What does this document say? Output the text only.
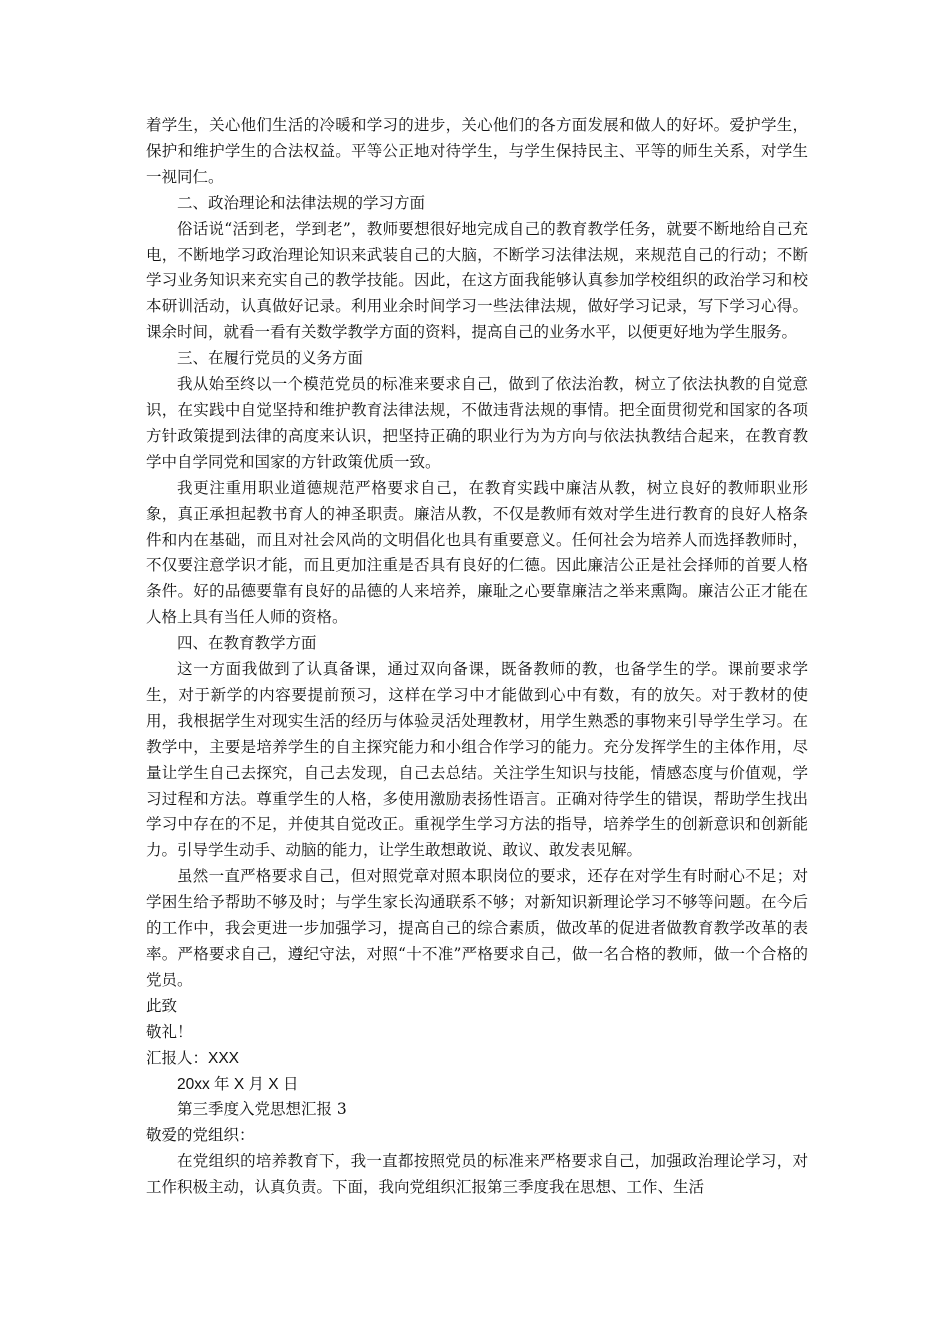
着学生，关心他们生活的冷暖和学习的进步，关心他们的各方面发展和做人的好坏。爱护学生，保护和维护学生的合法权益。平等公正地对待学生，与学生保持民主、平等的师生关系，对学生一视同仁。

二、政治理论和法律法规的学习方面

俗话说“活到老，学到老”，教师要想很好地完成自己的教育教学任务，就要不断地给自己充电，不断地学习政治理论知识来武装自己的大脑，不断学习法律法规，来规范自己的行动；不断学习业务知识来充实自己的教学技能。因此，在这方面我能够认真参加学校组织的政治学习和校本研训活动，认真做好记录。利用业余时间学习一些法律法规，做好学习记录，写下学习心得。课余时间，就看一看有关数学教学方面的资料，提高自己的业务水平，以便更好地为学生服务。

三、在履行党员的义务方面

我从始至终以一个模范党员的标准来要求自己，做到了依法治教，树立了依法执教的自觉意识，在实践中自觉坚持和维护教育法律法规，不做违背法规的事情。把全面贯彻党和国家的各项方针政策提到法律的高度来认识，把坚持正确的职业行为为方向与依法执教结合起来，在教育教学中自学同党和国家的方针政策优质一致。

我更注重用职业道德规范严格要求自己，在教育实践中廉洁从教，树立良好的教师职业形象，真正承担起教书育人的神圣职责。廉洁从教，不仅是教师有效对学生进行教育的良好人格条件和内在基础，而且对社会风尚的文明倡化也具有重要意义。任何社会为培养人而选择教师时，不仅要注意学识才能，而且更加注重是否具有良好的仁德。因此廉洁公正是社会择师的首要人格条件。好的品德要靠有良好的品德的人来培养，廉耻之心要靠廉洁之举来熏陶。廉洁公正才能在人格上具有当任人师的资格。

四、在教育教学方面

这一方面我做到了认真备课，通过双向备课，既备教师的教，也备学生的学。课前要求学生，对于新学的内容要提前预习，这样在学习中才能做到心中有数，有的放矢。对于教材的使用，我根据学生对现实生活的经历与体验灵活处理教材，用学生熟悉的事物来引导学生学习。在教学中，主要是培养学生的自主探究能力和小组合作学习的能力。充分发挥学生的主体作用，尽量让学生自己去探究，自己去发现，自己去总结。关注学生知识与技能，情感态度与价值观，学习过程和方法。尊重学生的人格，多使用激励表扬性语言。正确对待学生的错误，帮助学生找出学习中存在的不足，并使其自觉改正。重视学生学习方法的指导，培养学生的创新意识和创新能力。引导学生动手、动脑的能力，让学生敢想敢说、敢议、敢发表见解。

虽然一直严格要求自己，但对照党章对照本职岗位的要求，还存在对学生有时耐心不足；对学困生给予帮助不够及时；与学生家长沟通联系不够；对新知识新理论学习不够等问题。在今后的工作中，我会更进一步加强学习，提高自己的综合素质，做改革的促进者做教育教学改革的表率。严格要求自己，遵纪守法，对照“十不准”严格要求自己，做一名合格的教师，做一个合格的党员。

此致

敬礼！

汇报人：XXX

20xx 年 X 月 X 日

第三季度入党思想汇报 3

敬爱的党组织：

在党组织的培养教育下，我一直都按照党员的标准来严格要求自己，加强政治理论学习，对工作积极主动，认真负责。下面，我向党组织汇报第三季度我在思想、工作、生活
